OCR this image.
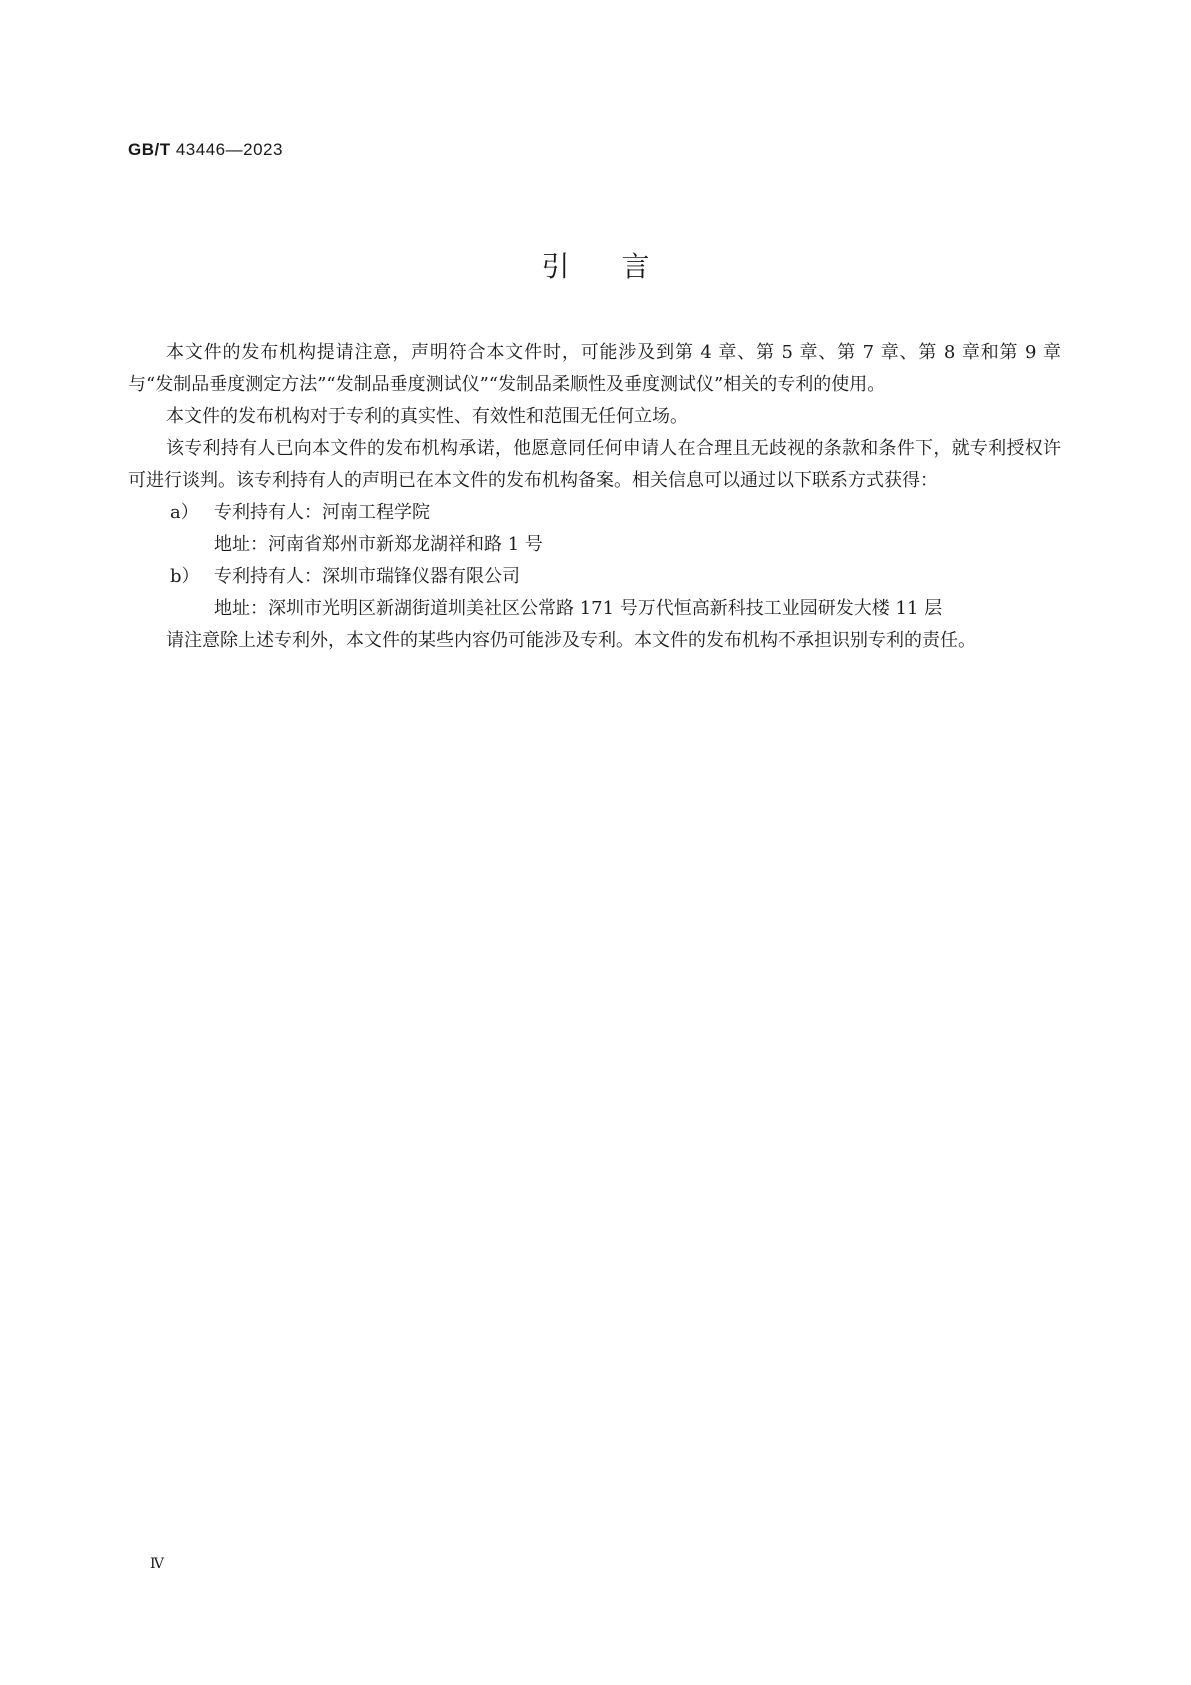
GB/T 43446—2023
引言

本文件的发布机构提请注意，声明符合本文件时，可能涉及到第 4 章、第 5 章、第 7 章、第 8 章和第 9 章与“发制品垂度测定方法”“发制品垂度测试仪”“发制品柔顺性及垂度测试仪”相关的专利的使用。

本文件的发布机构对于专利的真实性、有效性和范围无任何立场。

该专利持有人已向本文件的发布机构承诺，他愿意同任何申请人在合理且无歧视的条款和条件下，就专利授权许可进行谈判。该专利持有人的声明已在本文件的发布机构备案。相关信息可以通过以下联系方式获得：

a） 专利持有人：河南工程学院

地址：河南省郑州市新郑龙湖祥和路 1 号

b） 专利持有人：深圳市瑞锋仪器有限公司

地址：深圳市光明区新湖街道圳美社区公常路 171 号万代恒高新科技工业园研发大楼 11 层

请注意除上述专利外，本文件的某些内容仍可能涉及专利。本文件的发布机构不承担识别专利的责任。

Ⅳ
